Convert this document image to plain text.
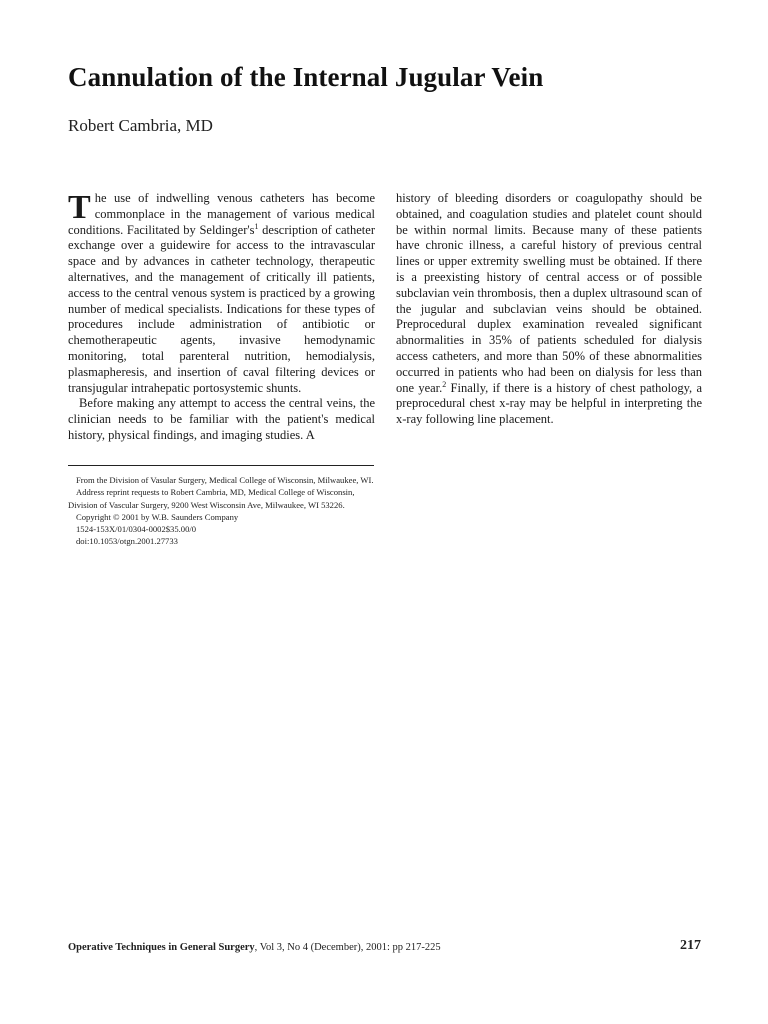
Cannulation of the Internal Jugular Vein
Robert Cambria, MD

The use of indwelling venous catheters has become commonplace in the management of various medical conditions. Facilitated by $Seldinger's^1$ description of catheter exchange over a guidewire for access to the intravascular space and by advances in catheter technology, therapeutic alternatives, and the management of critically ill patients, access to the central venous system is practiced by a growing number of medical specialists. Indications for these types of procedures include administration of antibiotic or chemotherapeutic agents, invasive hemodynamic monitoring, total parenteral nutrition, hemodialysis, plasmapheresis, and insertion of caval filtering devices or transjugular intrahepatic portosystemic shunts.

Before making any attempt to access the central veins, the clinician needs to be familiar with the patient's medical history, physical findings, and imaging studies. A

history of bleeding disorders or coagulopathy should be obtained, and coagulation studies and platelet count should be within normal limits. Because many of these patients have chronic illness, a careful history of previous central lines or upper extremity swelling must be obtained. If there is a preexisting history of central access or of possible subclavian vein thrombosis, then a duplex ultrasound scan of the jugular and subclavian veins should be obtained. Preprocedural duplex examination revealed significant abnormalities in 35% of patients scheduled for dialysis access catheters, and more than 50% of these abnormalities occurred in patients who had been on dialysis for less than one year.$^2$ Finally, if there is a history of chest pathology, a preprocedural chest x-ray may be helpful in interpreting the x-ray following line placement.

From the Division of Vasular Surgery, Medical College of Wisconsin, Milwaukee, WI.

Address reprint requests to Robert Cambria, MD, Medical College of Wisconsin, Division of Vascular Surgery, 9200 West Wisconsin Ave, Milwaukee, WI 53226.

Copyright © 2001 by W.B. Saunders Company

1524-153X/01/0304-0002$35.00/0

doi:10.1053/otgn.2001.27733

Operative Techniques in General Surgery, Vol 3, No 4 (December), 2001: pp 217-225	217
